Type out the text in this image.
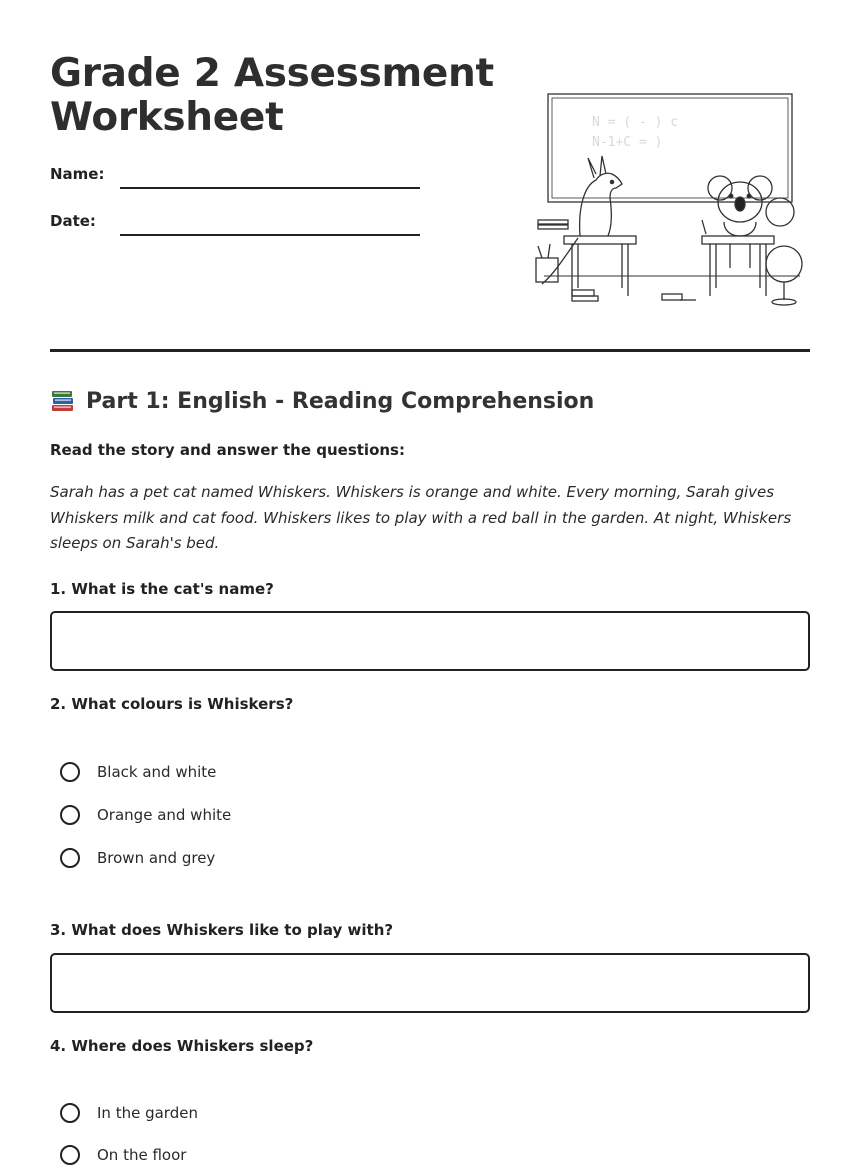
Grade 2 Assessment
Worksheet
Name:
Date:
N = ( - ) c
N-1+C = )
Part 1: English - Reading Comprehension
Read the story and answer the questions:

Sarah has a pet cat named Whiskers. Whiskers is orange and white. Every morning, Sarah gives Whiskers milk and cat food. Whiskers likes to play with a red ball in the garden. At night, Whiskers sleeps on Sarah's bed.

1. What is the cat's name?
2. What colours is Whiskers?
Black and white
Orange and white
Brown and grey
3. What does Whiskers like to play with?
4. Where does Whiskers sleep?
In the garden
On the floor
